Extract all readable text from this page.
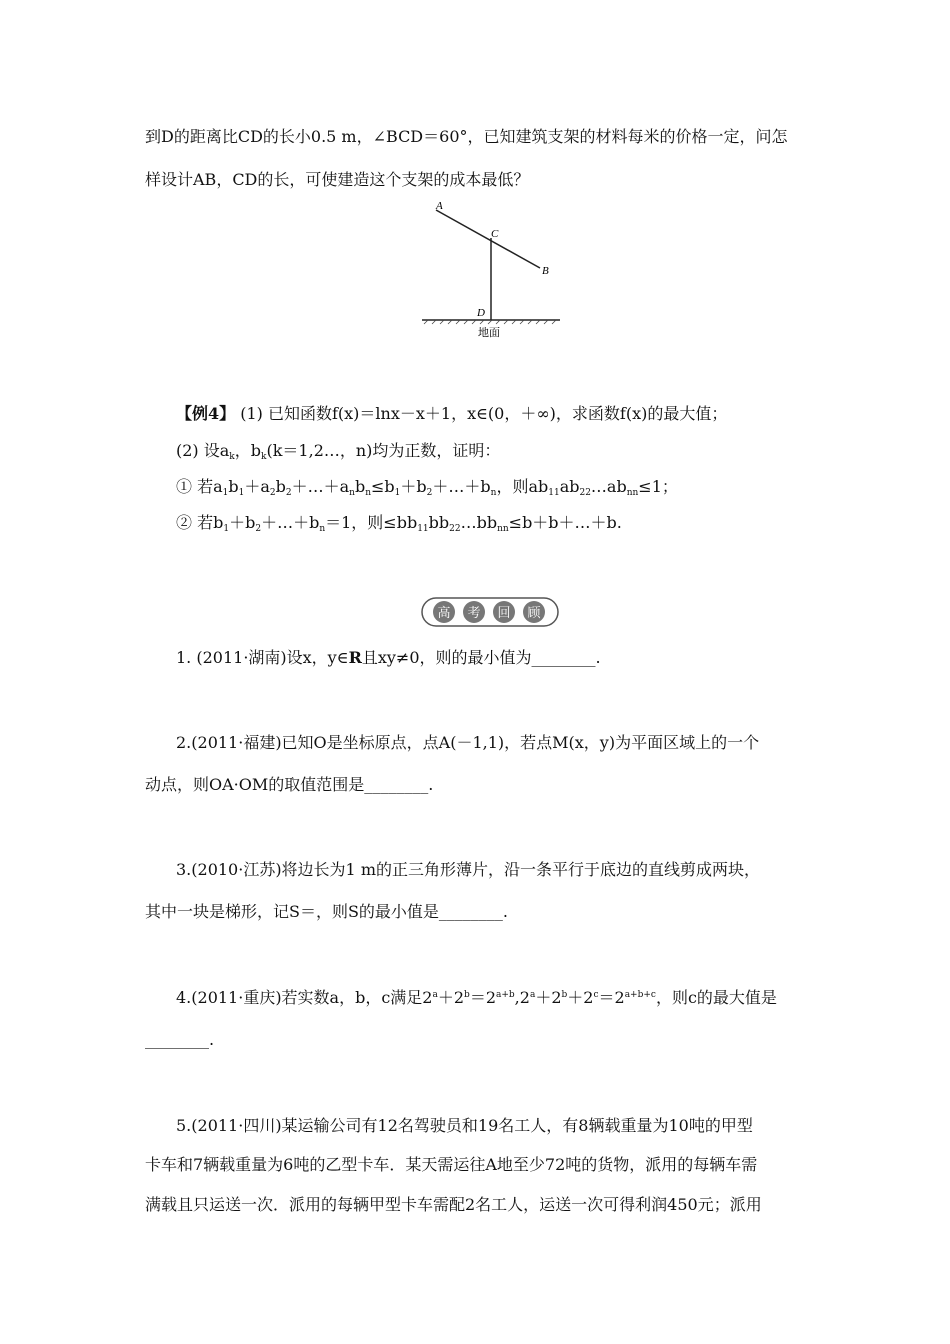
到D的距离比CD的长小0.5 m，∠BCD＝60°，已知建筑支架的材料每米的价格一定，问怎
样设计AB，CD的长，可使建造这个支架的成本最低？
A
C
B
D
地面
【例4】 (1) 已知函数f(x)＝lnx－x＋1，x∈(0，＋∞)，求函数f(x)的最大值；
(2) 设$a_k$，$b_k(k=1,2\dots$，n)均为正数，证明：
① 若$a_1b_1+a_2b_2+\dots+a_nb_n\le b_1+b_2+\dots+b_n$，则$ab_{11}ab_{22}\dots ab_{nn}\le 1$；
② 若$b_1+b_2+\dots+b_n=1$，则$\le bb_{11}bb_{22}\dots bb_{nn}\le b+b+\dots+b$.
高 考 回 顾
1. (2011·湖南)设x，y∈R且xy≠0，则的最小值为________.
2.(2011·福建)已知O是坐标原点，点A(－1,1)，若点M(x，y)为平面区域上的一个
动点，则OA·OM的取值范围是________.
3.(2010·江苏)将边长为1 m的正三角形薄片，沿一条平行于底边的直线剪成两块，
其中一块是梯形，记S＝，则S的最小值是________.
4.(2011·重庆)若实数a，b，c满足$2^a+2^b=2^{a+b},2^a+2^b+2^c=2^{a+b+c}$，则c的最大值是
________.
5.(2011·四川)某运输公司有12名驾驶员和19名工人，有8辆载重量为10吨的甲型
卡车和7辆载重量为6吨的乙型卡车．某天需运往A地至少72吨的货物，派用的每辆车需
满载且只运送一次．派用的每辆甲型卡车需配2名工人，运送一次可得利润450元；派用
